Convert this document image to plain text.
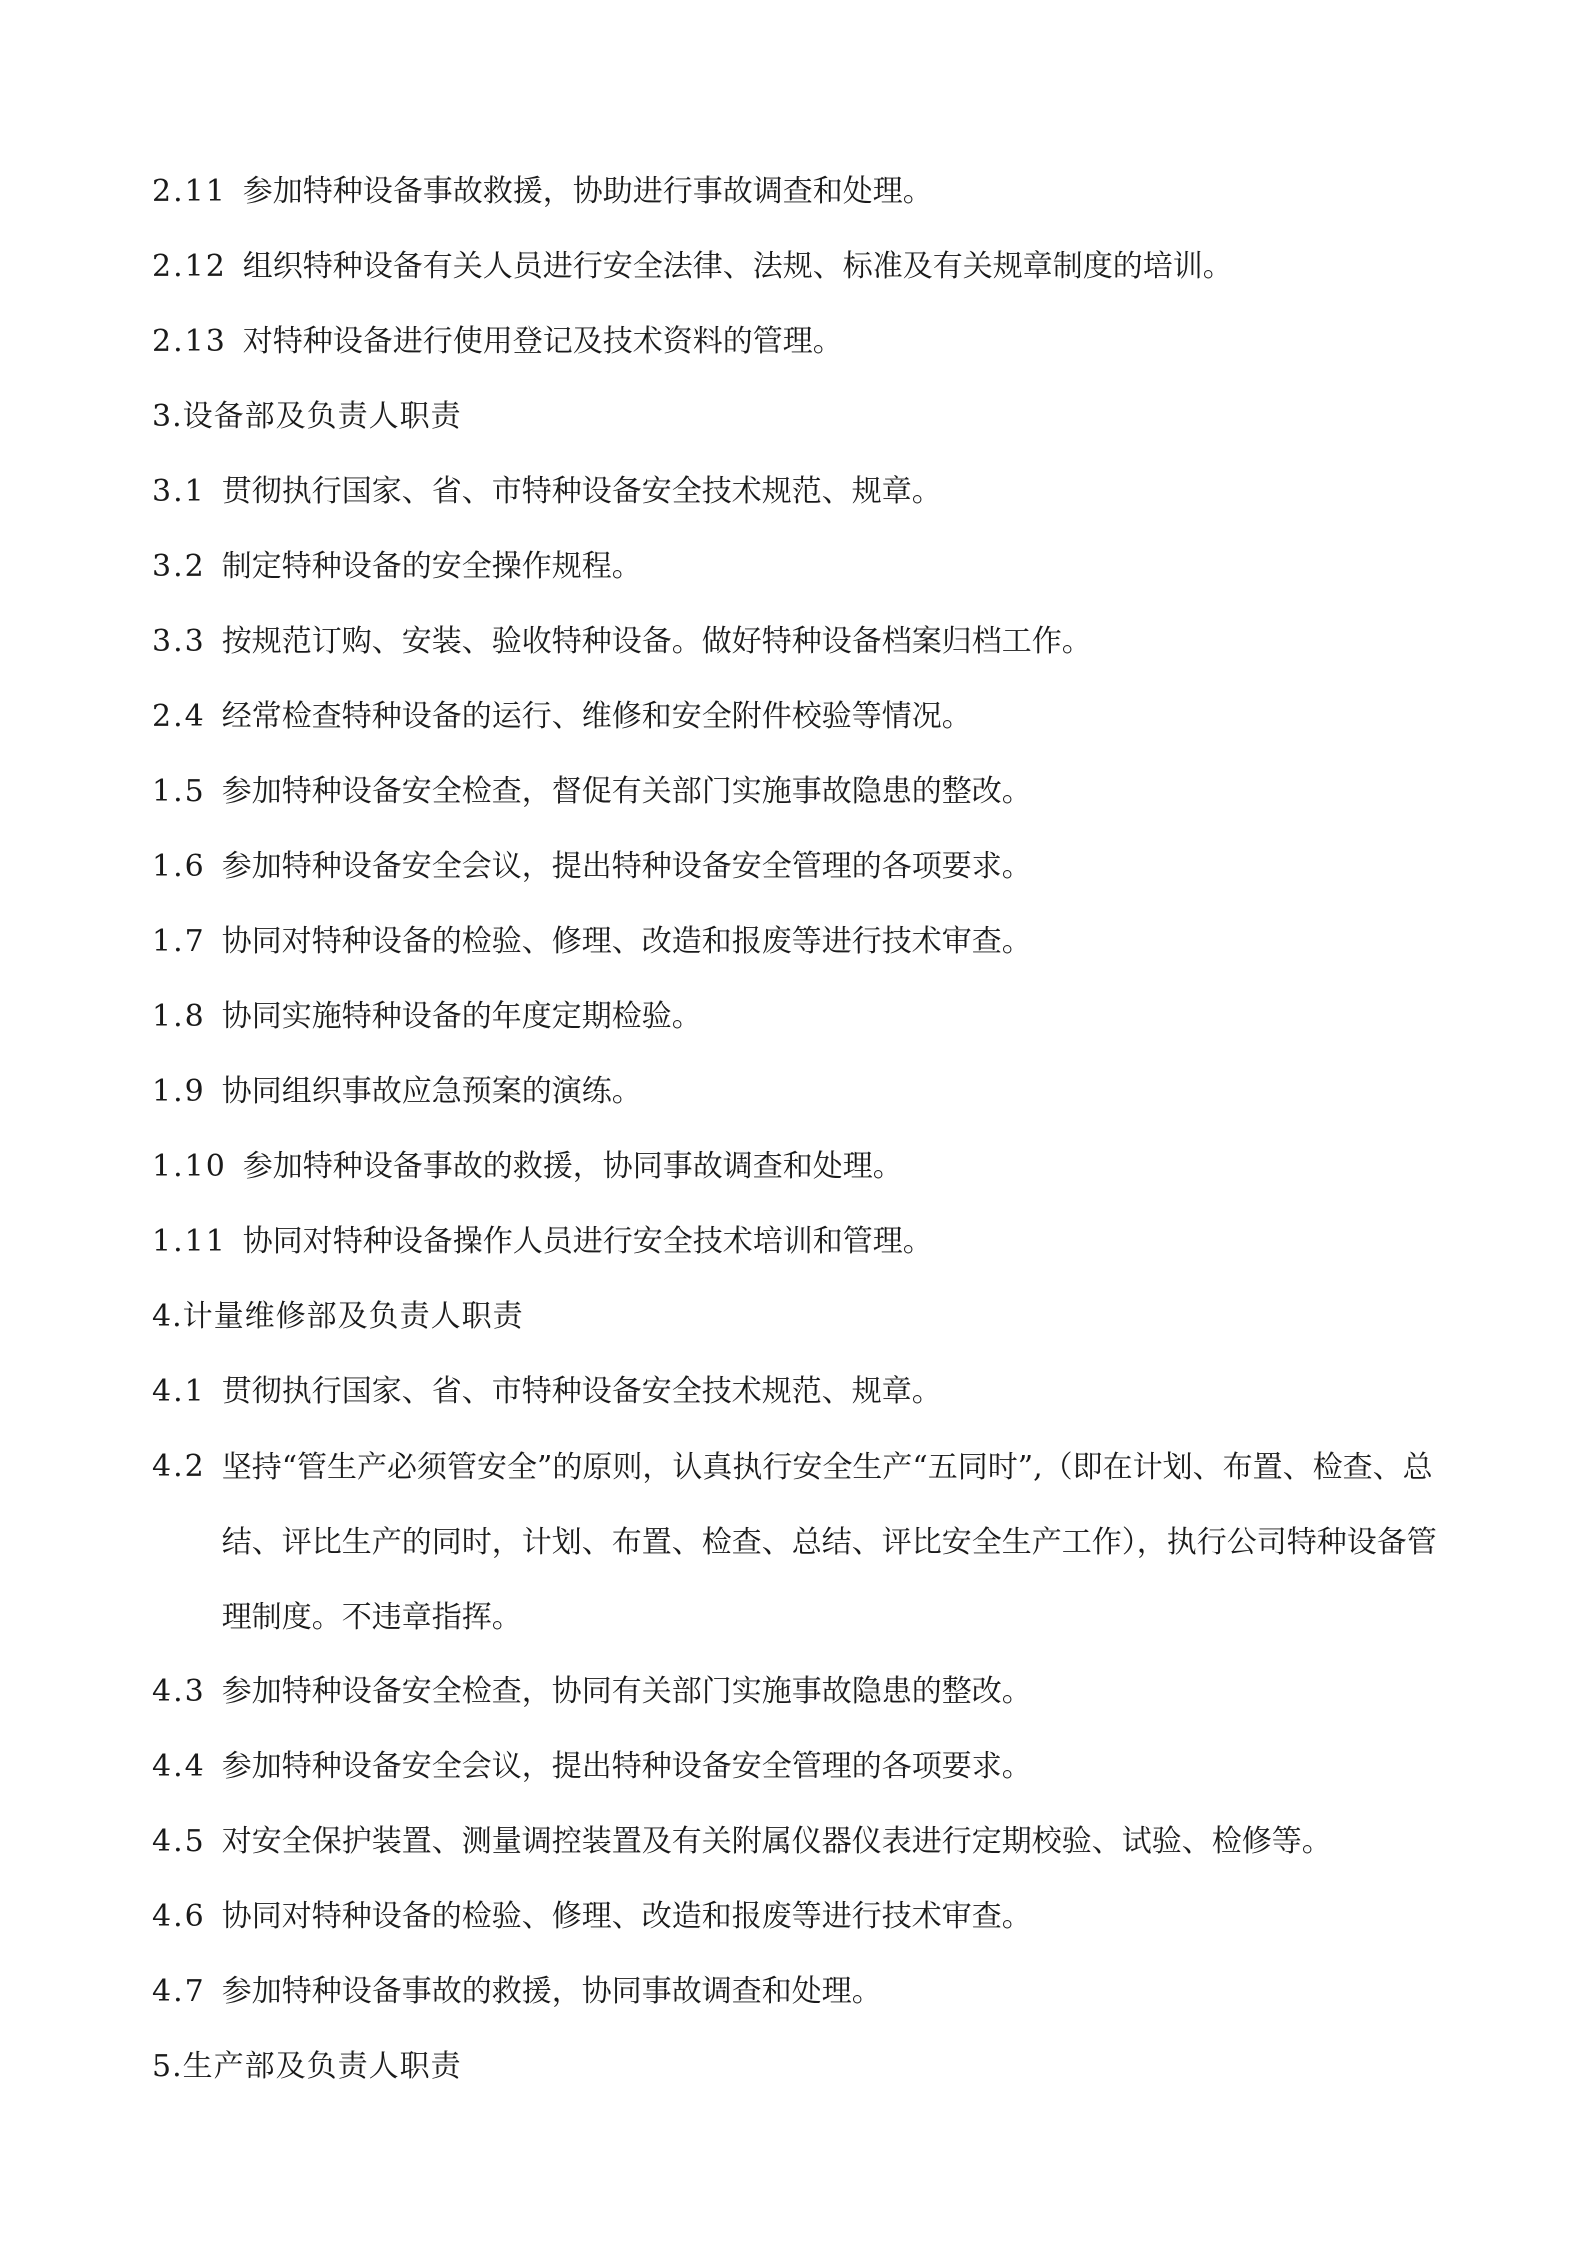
2.11 参加特种设备事故救援，协助进行事故调查和处理。
2.12 组织特种设备有关人员进行安全法律、法规、标准及有关规章制度的培训。
2.13 对特种设备进行使用登记及技术资料的管理。
3.设备部及负责人职责
3.1 贯彻执行国家、省、市特种设备安全技术规范、规章。
3.2 制定特种设备的安全操作规程。
3.3 按规范订购、安装、验收特种设备。做好特种设备档案归档工作。
2.4 经常检查特种设备的运行、维修和安全附件校验等情况。
1.5 参加特种设备安全检查，督促有关部门实施事故隐患的整改。
1.6 参加特种设备安全会议，提出特种设备安全管理的各项要求。
1.7 协同对特种设备的检验、修理、改造和报废等进行技术审查。
1.8 协同实施特种设备的年度定期检验。
1.9 协同组织事故应急预案的演练。
1.10 参加特种设备事故的救援，协同事故调查和处理。
1.11 协同对特种设备操作人员进行安全技术培训和管理。
4.计量维修部及负责人职责
4.1 贯彻执行国家、省、市特种设备安全技术规范、规章。
4.2 坚持“管生产必须管安全”的原则，认真执行安全生产“五同时”,（即在计划、布置、检查、总结、评比生产的同时，计划、布置、检查、总结、评比安全生产工作），执行公司特种设备管理制度。不违章指挥。
4.3 参加特种设备安全检查，协同有关部门实施事故隐患的整改。
4.4 参加特种设备安全会议，提出特种设备安全管理的各项要求。
4.5 对安全保护装置、测量调控装置及有关附属仪器仪表进行定期校验、试验、检修等。
4.6 协同对特种设备的检验、修理、改造和报废等进行技术审查。
4.7 参加特种设备事故的救援，协同事故调查和处理。
5.生产部及负责人职责
